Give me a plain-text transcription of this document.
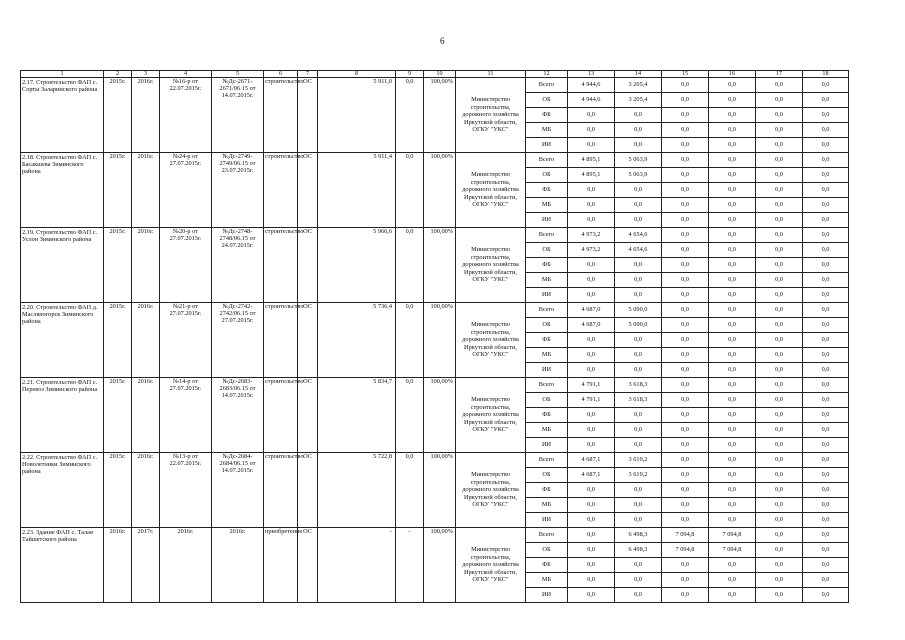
6
1	2	3	4	5	6	7	8	9	10	11	12	13	14	15	16	17	18
2.17. Строительство ФАП с. Сорты Заларинского района	2015г.	2016г.	№16-р от 22.07.2015г.	№Дс-2671-2671/06.15 от 14.07.2015г.	строительство	ОС	5 911,0	0,0	100,00%	Министерство строительства, дорожного хозяйства Иркутской области, ОГКУ "УКС"	Всего	4 944,6	3 205,4	0,0	0,0	0,0	0,0
											ОБ	4 944,6	3 205,4	0,0	0,0	0,0	0,0
											ФБ	0,0	0,0	0,0	0,0	0,0	0,0
											МБ	0,0	0,0	0,0	0,0	0,0	0,0
											ИИ	0,0	0,0	0,0	0,0	0,0	0,0
2.18. Строительство ФАП с. Басакшева Зиминского района	2015г.	2016г.	№24-р от 27.07.2015г.	№Дс-2749-2749/06.15 от 23.07.2015г.	строительство	ОС	5 911,4	0,0	100,00%	Министерство строительства, дорожного хозяйства Иркутской области, ОГКУ "УКС"	Всего	4 895,1	5 063,9	0,0	0,0	0,0	0,0
											ОБ	4 895,1	5 063,9	0,0	0,0	0,0	0,0
											ФБ	0,0	0,0	0,0	0,0	0,0	0,0
											МБ	0,0	0,0	0,0	0,0	0,0	0,0
											ИИ	0,0	0,0	0,0	0,0	0,0	0,0
2.19. Строительство ФАП с. Услон Зиминского района	2015г.	2016г.	№20-р от 27.07.2015г.	№Дс-2748-2748/06.15 от 24.07.2015г.	строительство	ОС	5 966,6	0,0	100,00%	Министерство строительства, дорожного хозяйства Иркутской области, ОГКУ "УКС"	Всего	4 973,2	4 654,6	0,0	0,0	0,0	0,0
											ОБ	4 973,2	4 654,6	0,0	0,0	0,0	0,0
											ФБ	0,0	0,0	0,0	0,0	0,0	0,0
											МБ	0,0	0,0	0,0	0,0	0,0	0,0
											ИИ	0,0	0,0	0,0	0,0	0,0	0,0
2.20. Строительство ФАП д. Масляногорск Зиминского района	2015г.	2016г.	№21-р от 27.07.2015г.	№Дс-2742-2742/06.15 от 27.07.2015г.	строительство	ОС	5 736,4	0,0	100,00%	Министерство строительства, дорожного хозяйства Иркутской области, ОГКУ "УКС"	Всего	4 687,0	5 090,0	0,0	0,0	0,0	0,0
											ОБ	4 687,0	5 090,0	0,0	0,0	0,0	0,0
											ФБ	0,0	0,0	0,0	0,0	0,0	0,0
											МБ	0,0	0,0	0,0	0,0	0,0	0,0
											ИИ	0,0	0,0	0,0	0,0	0,0	0,0
2.21. Строительство ФАП с. Перевоз Зиминского района	2015г.	2016г.	№14-р от 27.07.2015г.	№Дс-2683-2683/06.15 от 14.07.2015г.	строительство	ОС	5 834,7	0,0	100,00%	Министерство строительства, дорожного хозяйства Иркутской области, ОГКУ "УКС"	Всего	4 791,1	3 618,3	0,0	0,0	0,0	0,0
											ОБ	4 791,1	3 618,3	0,0	0,0	0,0	0,0
											ФБ	0,0	0,0	0,0	0,0	0,0	0,0
											МБ	0,0	0,0	0,0	0,0	0,0	0,0
											ИИ	0,0	0,0	0,0	0,0	0,0	0,0
2.22. Строительство ФАП с. Новолетники Зиминского района	2015г.	2016г.	№13-р от 22.07.2015г.	№Дс-2684-2684/06.15 от 14.07.2015г.	строительство	ОС	5 722,8	0,0	100,00%	Министерство строительства, дорожного хозяйства Иркутской области, ОГКУ "УКС"	Всего	4 687,1	3 619,2	0,0	0,0	0,0	0,0
											ОБ	4 687,1	3 619,2	0,0	0,0	0,0	0,0
											ФБ	0,0	0,0	0,0	0,0	0,0	0,0
											МБ	0,0	0,0	0,0	0,0	0,0	0,0
											ИИ	0,0	0,0	0,0	0,0	0,0	0,0
2.23. Здание ФАП с. Талая Тайшетского района	2016г.	2017г.	2016г.	2016г.	приобретение	ОС	-	-	100,00%	Министерство строительства, дорожного хозяйства Иркутской области, ОГКУ "УКС"	Всего	0,0	6 498,3	7 094,8	7 094,8	0,0	0,0
											ОБ	0,0	6 498,3	7 094,8	7 094,8	0,0	0,0
											ФБ	0,0	0,0	0,0	0,0	0,0	0,0
											МБ	0,0	0,0	0,0	0,0	0,0	0,0
											ИИ	0,0	0,0	0,0	0,0	0,0	0,0
